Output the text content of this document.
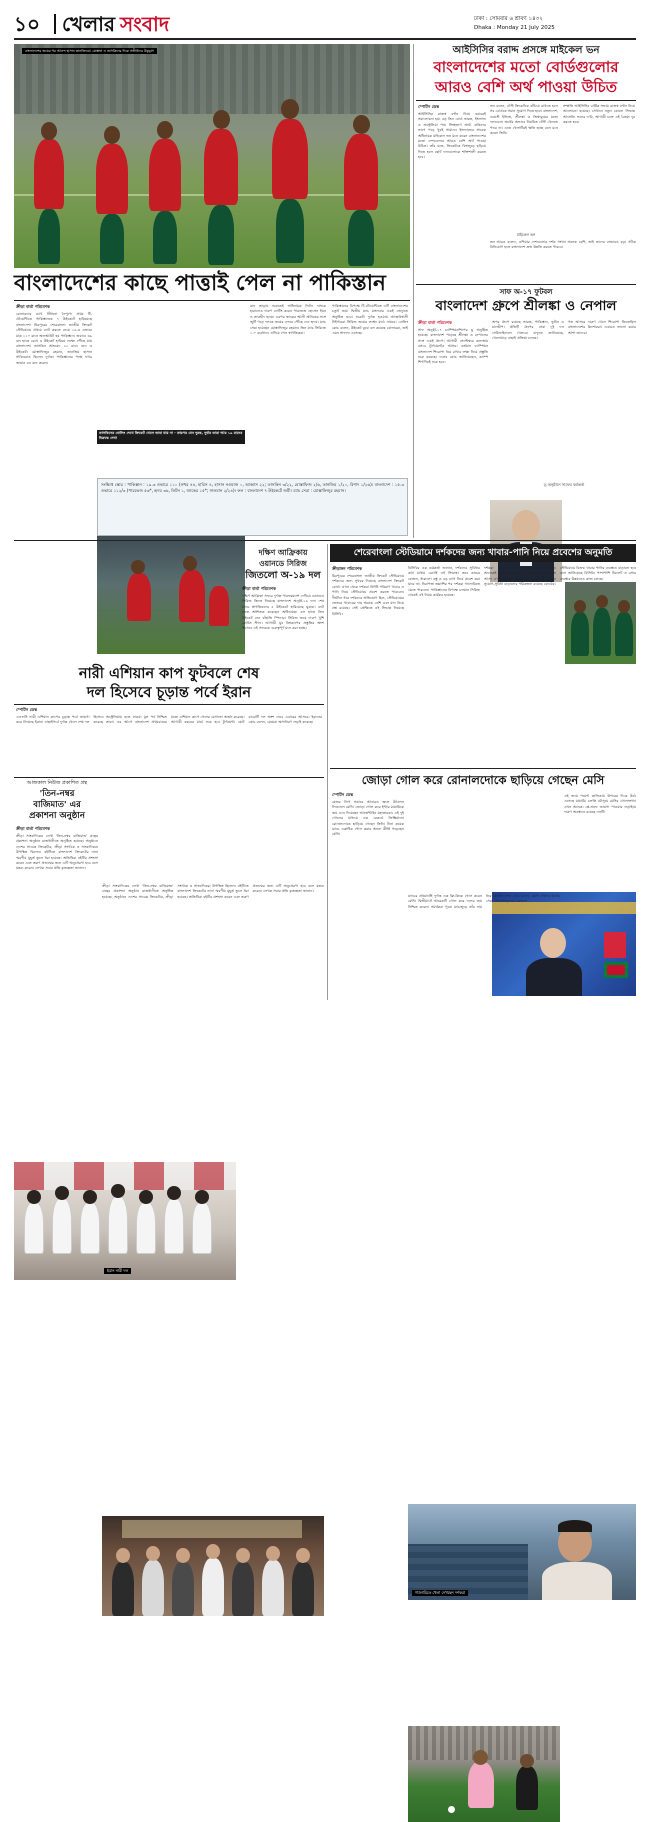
১০ খেলার সংবাদ	ঢাকা : সোমবার ৬ শ্রাবণ ১৪৩২
Dhaka : Monday 21 July 2025
বাংলাদেশের জয়ের পর আনন্দ হাসান তানজিদরা। মোস্তফা ও তাসকিনের দিকে সতীর্থদের উচ্ছ্বাস
বাংলাদেশের কাছে পাত্তাই পেল না পাকিস্তান
ক্রীড়া বার্তা পরিবেশক
বোলারদের চোখ ধাঁধানো নৈপুণ্যে প্রথম টি-টোয়েন্টিতে পাকিস্তানকে ৭ উইকেটে হারিয়েছে বাংলাদেশ। মিরপুরের শেরেবাংলা জাতীয় ক্রিকেট স্টেডিয়ামে প্রথমে ব্যাট করতে নেমে ১৯.৩ ওভারে মাত্র ১১০ রানে অলআউট হয় পাকিস্তান। জবাবে ৩৯ বল হাতে রেখে ৩ উইকেট হারিয়ে লক্ষ্যে পৌঁছে যায় বাংলাদেশ। তাসকিন আহমেদ ২২ রানে নেন ৩ উইকেট। মোস্তাফিজুর রহমান, তানজিম হাসান সাকিবরাও ছিলেন দুর্দান্ত। পাকিস্তানের পক্ষে ফখর জামান ৪৪ রান করেন।
তাসকিনের বোলিং দেখে ক্রিকেট খেলে ভাবা যায় না - তারপর যেন দুরন্ত, দুর্বার তারা আর ১৯ রানের বিরুদ্ধে দেখা
রান তাড়ায় শুরুতেই অধিনায়ক লিটন দাসকে হারালেও দারুণ ব্যাটিং করেন পারভেজ হোসেন ইমন ও তাওহীদ হৃদয়। এরপর জাকের আলী অনিকের সঙ্গে জুটি গড়ে দলকে জয়ের বন্দরে পৌঁছে দেন হৃদয়। ম্যাচ সেরা হয়েছেন মোস্তাফিজুর রহমান। তিন ম্যাচ সিরিজে ১-০ ব্যবধানে এগিয়ে গেল স্বাগতিকরা।
পাকিস্তানের বিপক্ষে টি-টোয়েন্টিতে এটি বাংলাদেশের চতুর্থ জয়। দ্বিতীয় ম্যাচ মঙ্গলবার একই ভেন্যুতে অনুষ্ঠিত হবে। শুরুটা দুর্দান্ত হওয়ায় আত্মবিশ্বাসী টাইগাররা সিরিজ জয়ের লক্ষ্যে মাঠে নামবে। বোলিং কোচ বলেন, উইকেট বুঝে বল করেছে বোলাররা, তাই এমন সাফল্য এসেছে।
সংক্ষিপ্ত স্কোর : পাকিস্তান : ১৯.৩ ওভারে ১১০ (ফখর ৪৪, হারিস ৪, হাসান নওয়াজ ০, আব্বাস ২২; তাসকিন ৩/২২, মোস্তাফিজ ২/৬, তানজিম ১/২০, রিশাদ ১/২৬)। বাংলাদেশ : ১৫.৩ ওভারে ১১২/৩ (পারভেজ ৫৬*, হৃদয় ৩৬, লিটন ১, জাকের ১৫*; সালমান ২/২৪)। ফল : বাংলাদেশ ৭ উইকেটে জয়ী। ম্যাচ সেরা : মোস্তাফিজুর রহমান।
আইসিসির বরাদ্দ প্রসঙ্গে মাইকেল ভন
বাংলাদেশের মতো বোর্ডগুলোর
আরও বেশি অর্থ পাওয়া উচিত
স্পোর্টস ডেস্ক
আইসিসির রাজস্ব বণ্টন নিয়ে বরাবরই সমালোচনা হয়। বড় তিন বোর্ড ভারত, ইংল্যান্ড ও অস্ট্রেলিয়া পায় সিংহভাগ অর্থ। বাকিদের ভাগে পড়ে খুবই সামান্য। ইংল্যান্ডের সাবেক অধিনায়ক মাইকেল ভন মনে করেন বাংলাদেশের মতো দেশগুলোর আরও বেশি অর্থ পাওয়া উচিত। তাঁর মতে, ক্রিকেটকে বিশ্বজুড়ে ছড়িয়ে দিতে হলে ছোট দলগুলোকে শক্তিশালী করতে হবে।
ভন বলেন, টেস্ট ক্রিকেটকে বাঁচিয়ে রাখতে হলে সব বোর্ডকে সমান সুযোগ দিতে হবে। বাংলাদেশ, ওয়েস্ট ইন্ডিজ, শ্রীলঙ্কা ও জিম্বাবুয়ের মতো দলগুলো অর্থের অভাবে নিয়মিত টেস্ট খেলতে পারে না। এতে খেলাটিরই ক্ষতি হচ্ছে বলে মনে করেন তিনি।
সম্প্রতি আইসিসির বার্ষিক সভায় রাজস্ব বণ্টন নিয়ে আলোচনা হয়েছে। সেখানে নতুন কোনো সিদ্ধান্ত আসেনি। ভনের দাবি, আগামী চক্রে এই বৈষম্য দূর করতে হবে।
মাইকেল ভন
ভন আরও বলেন, এশিয়ার দেশগুলোর দর্শক সংখ্যা অনেক বেশি, তাই তাদের বাজারও বড়। সঠিক বিনিয়োগ হলে বাংলাদেশ দ্রুত উন্নতি করতে পারবে।
সাফ অ-১৭ ফুটবল
বাংলাদেশ গ্রুপে শ্রীলঙ্কা ও নেপাল
ক্রীড়া বার্তা পরিবেশক
সাফ অনূর্ধ্ব-১৭ চ্যাম্পিয়নশিপের ড্র অনুষ্ঠিত হয়েছে। বাংলাদেশ পড়েছে শ্রীলঙ্কা ও নেপালের সঙ্গে একই গ্রুপে। আগামী সেপ্টেম্বরে কলম্বোয় বসবে টুর্নামেন্টের আসর। বর্তমান চ্যাম্পিয়ন বাংলাদেশ শিরোপা ধরে রাখার লক্ষ্য নিয়ে প্রস্তুতি শুরু করেছে। দলের কোচ জানিয়েছেন, ক্যাম্প শিগগিরই শুরু হবে।
অপর গ্রুপে রয়েছে ভারত, পাকিস্তান, ভুটান ও মালদ্বীপ। প্রতিটি গ্রুপের সেরা দুই দল সেমিফাইনালে খেলবে। বাফুফে জানিয়েছে, খেলোয়াড় বাছাই প্রক্রিয়া চলছে।
গত আসরে দারুণ খেলে শিরোপা জিতেছিল বাংলাদেশের কিশোররা। এবারও ভালো করার আশা তাদের।
ড্র অনুষ্ঠানে সাফের কর্মকর্তা
ইরান নারী দল
দক্ষিণ আফ্রিকায়
ওয়ানডে সিরিজ
জিতলো অ-১৯ দল
ক্রীড়া বার্তা পরিবেশক
দক্ষিণ আফ্রিকা সফরে দুর্দান্ত পারফরম্যান্স দেখিয়ে ওয়ানডে সিরিজ জিতে নিয়েছে বাংলাদেশ অনূর্ধ্ব-১৯ দল। শেষ ম্যাচে স্বাগতিকদের ৫ উইকেটে হারিয়েছে যুবারা। ব্যাট হাতে অর্ধশতক করেছেন অধিনায়ক। বল হাতে তিন উইকেট নেন বাঁহাতি স্পিনার। সিরিজ জয়ে দারুণ খুশি কোচিং স্টাফ। আগামী যুব বিশ্বকাপের প্রস্তুতির অংশ হিসেবে এই সফরকে গুরুত্বপূর্ণ মনে করা হচ্ছে।
নারী এশিয়ান কাপ ফুটবলে শেষ
দল হিসেবে চূড়ান্ত পর্বে ইরান
স্পোর্টস ডেস্ক
এএফসি নারী এশিয়ান কাপের চূড়ান্ত পর্বে জায়গা করে নিয়েছে ইরান। বাছাইপর্বে দুর্দান্ত খেলে শেষ দল হিসেবে অস্ট্রেলিয়ায় হতে যাওয়া মূল পর্ব নিশ্চিত করেছে তারা। এর আগে বাংলাদেশ প্রথমবারের মতো এশিয়ান কাপে খেলার যোগ্যতা অর্জন করেছে। আগামী বছরের মার্চে শুরু হবে টুর্নামেন্ট। মোট বারোটি দল অংশ নেবে এবারের আসরে। ইরানের কোচ বলেন, মেয়েরা অসাধারণ লড়াই করেছে।
আজকাল নিউজ প্রকাশিত গ্রন্থ
'তিন-নম্বর
বাজিমাত' এর
প্রকাশনা অনুষ্ঠান
ক্রীড়া বার্তা পরিবেশক
ক্রীড়া সাংবাদিকের লেখা 'তিন-নম্বর বাজিমাত' গ্রন্থের প্রকাশনা অনুষ্ঠান রাজধানীতে অনুষ্ঠিত হয়েছে। অনুষ্ঠানে দেশের সাবেক ক্রিকেটার, ক্রীড়া সংগঠক ও সাংবাদিকরা উপস্থিত ছিলেন। বইটিতে বাংলাদেশ ক্রিকেটের নানা স্মরণীয় মুহূর্ত তুলে ধরা হয়েছে। অতিথিরা বইটির প্রশংসা করেন এবং তরুণ প্রজন্মের জন্য এটি অনুপ্রেরণা হবে বলে মন্তব্য করেন। লেখক সবার প্রতি কৃতজ্ঞতা জানান।
ক্রীড়া সাংবাদিকের লেখা 'তিন-নম্বর বাজিমাত' গ্রন্থের প্রকাশনা অনুষ্ঠান রাজধানীতে অনুষ্ঠিত হয়েছে। অনুষ্ঠানে দেশের সাবেক ক্রিকেটার, ক্রীড়া সংগঠক ও সাংবাদিকরা উপস্থিত ছিলেন। বইটিতে বাংলাদেশ ক্রিকেটের নানা স্মরণীয় মুহূর্ত তুলে ধরা হয়েছে। অতিথিরা বইটির প্রশংসা করেন এবং তরুণ প্রজন্মের জন্য এটি অনুপ্রেরণা হবে বলে মন্তব্য করেন। লেখক সবার প্রতি কৃতজ্ঞতা জানান।
শেরেবাংলা স্টেডিয়ামে দর্শকদের জন্য খাবার-পানি নিয়ে প্রবেশের অনুমতি
ক্রীড়াঙ্গন পরিবেশক
মিরপুরের শেরেবাংলা জাতীয় ক্রিকেট স্টেডিয়ামে দর্শকদের জন্য সুখবর দিয়েছে বাংলাদেশ ক্রিকেট বোর্ড। এখন থেকে দর্শকরা নির্দিষ্ট পরিমাণ খাবার ও পানি নিয়ে স্টেডিয়ামে প্রবেশ করতে পারবেন। দীর্ঘদিন ধরে দর্শকদের অভিযোগ ছিল, স্টেডিয়ামের ভেতরে খাবারের দাম অনেক বেশি এবং মান নিয়ে প্রশ্ন রয়েছে। সেই প্রেক্ষিতে এই সিদ্ধান্ত নিয়েছে বিসিবি।
বিসিবির এক কর্মকর্তা জানান, দর্শকদের সুবিধার কথা মাথায় রেখেই এই সিদ্ধান্ত। তবে কাচের বোতল, ধারালো বস্তু ও বড় ব্যাগ নিয়ে প্রবেশ করা যাবে না। নিরাপত্তা তল্লাশির পর দর্শকরা গ্যালারিতে যেতে পারবেন। পাকিস্তানের বিপক্ষে চলমান সিরিজ থেকেই এই নিয়ম কার্যকর হয়েছে।
দর্শকরা এই সিদ্ধান্তকে স্বাগত জানিয়েছেন। অনেকেই বলছেন, পরিবার নিয়ে খেলা দেখতে আসা এখন অনেক সহজ হবে। ভবিষ্যতে আরও সুযোগ-সুবিধা বাড়ানোর পরিকল্পনা রয়েছে বোর্ডের।
স্টেডিয়ামে বিশুদ্ধ খাবার পানির ব্যবস্থাও বাড়ানো হবে বলে জানিয়েছে বিসিবি। পাশাপাশি টয়লেট ও বসার ব্যবস্থার উন্নয়নেও কাজ চলছে।
গ্যালারিতে খেলা দেখছেন দর্শকরা
জোড়া গোল করে রোনালদোকে ছাড়িয়ে গেছেন মেসি
স্পোর্টস ডেস্ক
মেজর লিগ সকারে আবারও জ্বলে উঠলেন লিওনেল মেসি। জোড়া গোল করে ইন্টার মায়ামিকে জয় এনে দিয়েছেন আর্জেন্টাইন মহাতারকা। এই দুই গোলের মাধ্যমে এক রেকর্ডে ক্রিস্তিয়ানো রোনালদোকে ছাড়িয়ে গেছেন তিনি। টানা কয়েক ম্যাচে একাধিক গোল করার অনন্য কীর্তি গড়েছেন মেসি।
ম্যাচের প্রথমার্ধেই দুর্দান্ত এক ফ্রি-কিকে গোল করেন মেসি। দ্বিতীয়ার্ধে আরেকটি গোল করে দলের জয় নিশ্চিত করেন। সমর্থকরা পুরো ম্যাচজুড়ে তাঁর নাম ধরে স্লোগান দেন। কোচ বলেন, মেসি এখনও বিশ্বের সেরা খেলোয়াড়দের একজন।
এই জয়ে পয়েন্ট তালিকায় উপরের দিকে উঠে এসেছে মায়ামি। চলতি মৌসুমে মেসির গোলসংখ্যা এখন অনেক। প্লে-অফে জায়গা পাওয়ার লড়াইয়ে দারুণ অবস্থানে রয়েছে দলটি।
